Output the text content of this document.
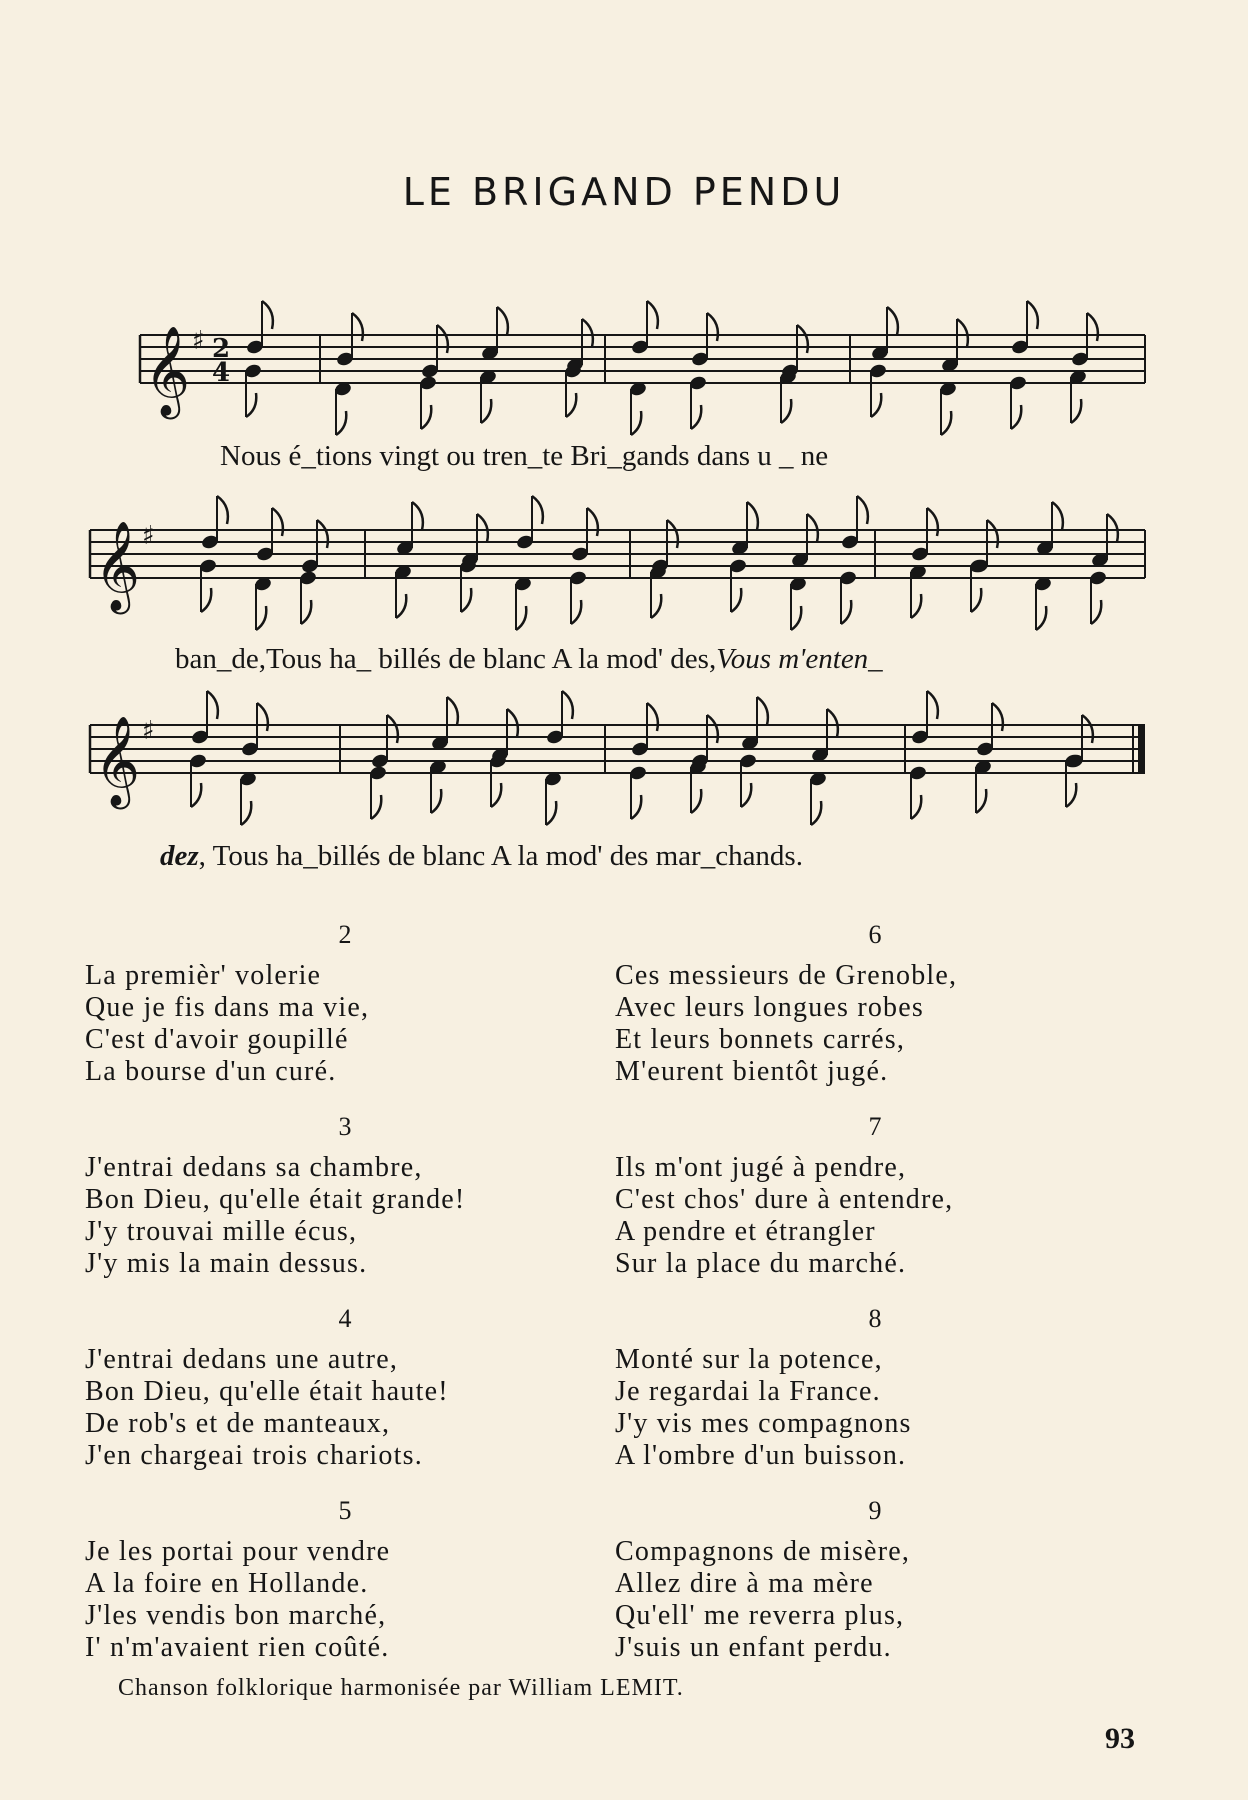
LE BRIGAND PENDU
𝄞 ♯ 2
4
Nous é_tions vingt ou tren_te Bri_gands dans u _ ne
𝄞 ♯
ban_de,Tous ha_ billés de blanc A la mod' des,Vous m'enten_
𝄞 ♯
dez, Tous ha_billés de blanc A la mod' des mar_chands.
2
La premièr' volerie
Que je fis dans ma vie,
C'est d'avoir goupillé
La bourse d'un curé.
3
J'entrai dedans sa chambre,
Bon Dieu, qu'elle était grande!
J'y trouvai mille écus,
J'y mis la main dessus.
4
J'entrai dedans une autre,
Bon Dieu, qu'elle était haute!
De rob's et de manteaux,
J'en chargeai trois chariots.
5
Je les portai pour vendre
A la foire en Hollande.
J'les vendis bon marché,
I' n'm'avaient rien coûté.
6
Ces messieurs de Grenoble,
Avec leurs longues robes
Et leurs bonnets carrés,
M'eurent bientôt jugé.
7
Ils m'ont jugé à pendre,
C'est chos' dure à entendre,
A pendre et étrangler
Sur la place du marché.
8
Monté sur la potence,
Je regardai la France.
J'y vis mes compagnons
A l'ombre d'un buisson.
9
Compagnons de misère,
Allez dire à ma mère
Qu'ell' me reverra plus,
J'suis un enfant perdu.
Chanson folklorique harmonisée par William LEMIT.
93
